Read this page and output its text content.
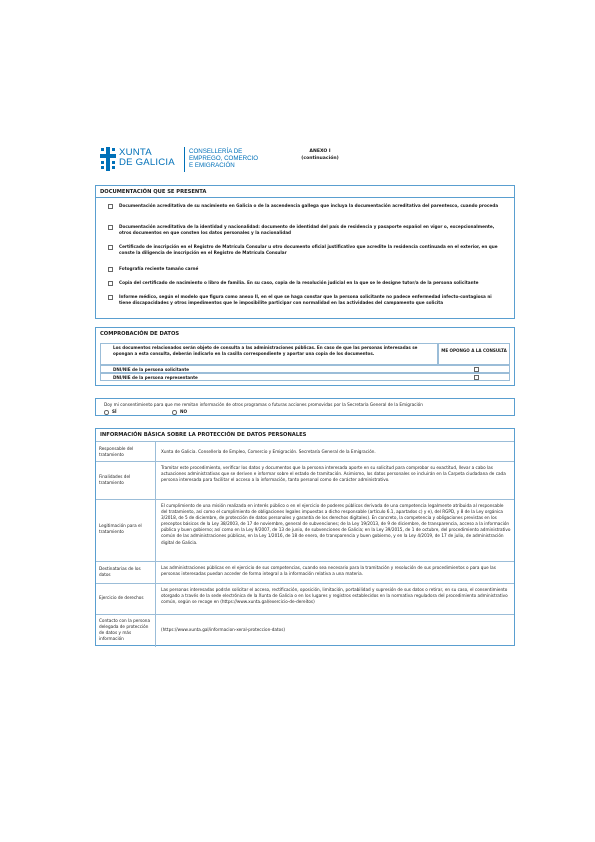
XUNTA
DE GALICIA
CONSELLERÍA DE
EMPREGO, COMERCIO
E EMIGRACIÓN
ANEXO I
(continuación)
DOCUMENTACIÓN QUE SE PRESENTA
Documentación acreditativa de su nacimiento en Galicia o de la ascendencia gallega que incluya la documentación acreditativa del parentesco, cuando proceda
Documentación acreditativa de la identidad y nacionalidad: documento de identidad del país de residencia y pasaporte español en vigor o, excepcionalmente, otros documentos en que consten los datos personales y la nacionalidad
Certificado de inscripción en el Registro de Matrícula Consular u otro documento oficial justificativo que acredite la residencia continuada en el exterior, en que conste la diligencia de inscripción en el Registro de Matrícula Consular
Fotografía reciente tamaño carné
Copia del certificado de nacimiento o libro de familia. En su caso, copia de la resolución judicial en la que se le designe tutor/a de la persona solicitante
Informe médico, según el modelo que figura como anexo II, en el que se haga constar que la persona solicitante no padece enfermedad infecto-contagiosa ni tiene discapacidades y otros impedimentos que le imposibilite participar con normalidad en las actividades del campamento que solicita
COMPROBACIÓN DE DATOS
Los documentos relacionados serán objeto de consulta a las administraciones públicas. En caso de que las personas interesadas se opongan a esta consulta, deberán indicarlo en la casilla correspondiente y aportar una copia de los documentos.
ME OPONGO A LA CONSULTA
DNI/NIE de la persona solicitante
DNI/NIE de la persona representante
Doy mi consentimiento para que me remitan información de otros programas o futuras acciones promovidas por la Secretaría General de la Emigración
SÍ	NO
INFORMACIÓN BÁSICA SOBRE LA PROTECCIÓN DE DATOS PERSONALES
Responsable del tratamiento
Xunta de Galicia. Consellería de Empleo, Comercio y Emigración. Secretaría General de la Emigración.
Finalidades del tratamiento
Tramitar este procedimiento, verificar los datos y documentos que la persona interesada aporte en su solicitud para comprobar su exactitud, llevar a cabo las actuaciones administrativas que se deriven e informar sobre el estado de tramitación. Asimismo, los datos personales se incluirán en la Carpeta ciudadana de cada persona interesada para facilitar el acceso a la información, tanto personal como de carácter administrativo.
Legitimación para el tratamiento
El cumplimiento de una misión realizada en interés público o en el ejercicio de poderes públicos derivada de una competencia legalmente atribuida al responsable del tratamiento, así como el cumplimiento de obligaciones legales impuestas a dicho responsable (artículo 6.1, apartados c) y e), del RGPD, y 8 de la Ley orgánica 3/2018, de 5 de diciembre, de protección de datos personales y garantía de los derechos digitales). En concreto, la competencia y obligaciones previstas en los preceptos básicos de la Ley 38/2003, de 17 de noviembre, general de subvenciones; de la Ley 19/2013, de 9 de diciembre, de transparencia, acceso a la información pública y buen gobierno; así como en la Ley 9/2007, de 13 de junio, de subvenciones de Galicia; en la Ley 39/2015, de 1 de octubre, del procedimiento administrativo común de las administraciones públicas, en la Ley 1/2016, de 18 de enero, de transparencia y buen gobierno, y en la Ley 4/2019, de 17 de julio, de administración digital de Galicia.
Destinatarias de los datos
Las administraciones públicas en el ejercicio de sus competencias, cuando sea necesario para la tramitación y resolución de sus procedimientos o para que las personas interesadas puedan acceder de forma integral a la información relativa a una materia.
Ejercicio de derechos
Las personas interesadas podrán solicitar el acceso, rectificación, oposición, limitación, portabilidad y supresión de sus datos o retirar, en su caso, el consentimiento otorgado a través de la sede electrónica de la Xunta de Galicia o en los lugares y registros establecidos en la normativa reguladora del procedimiento administrativo común, según se recoge en (https://www.xunta.gal/exercicio-de-dereitos)
Contacto con la persona delegada de protección de datos y más información
(https://www.xunta.gal/informacion-xeral-proteccion-datos)
